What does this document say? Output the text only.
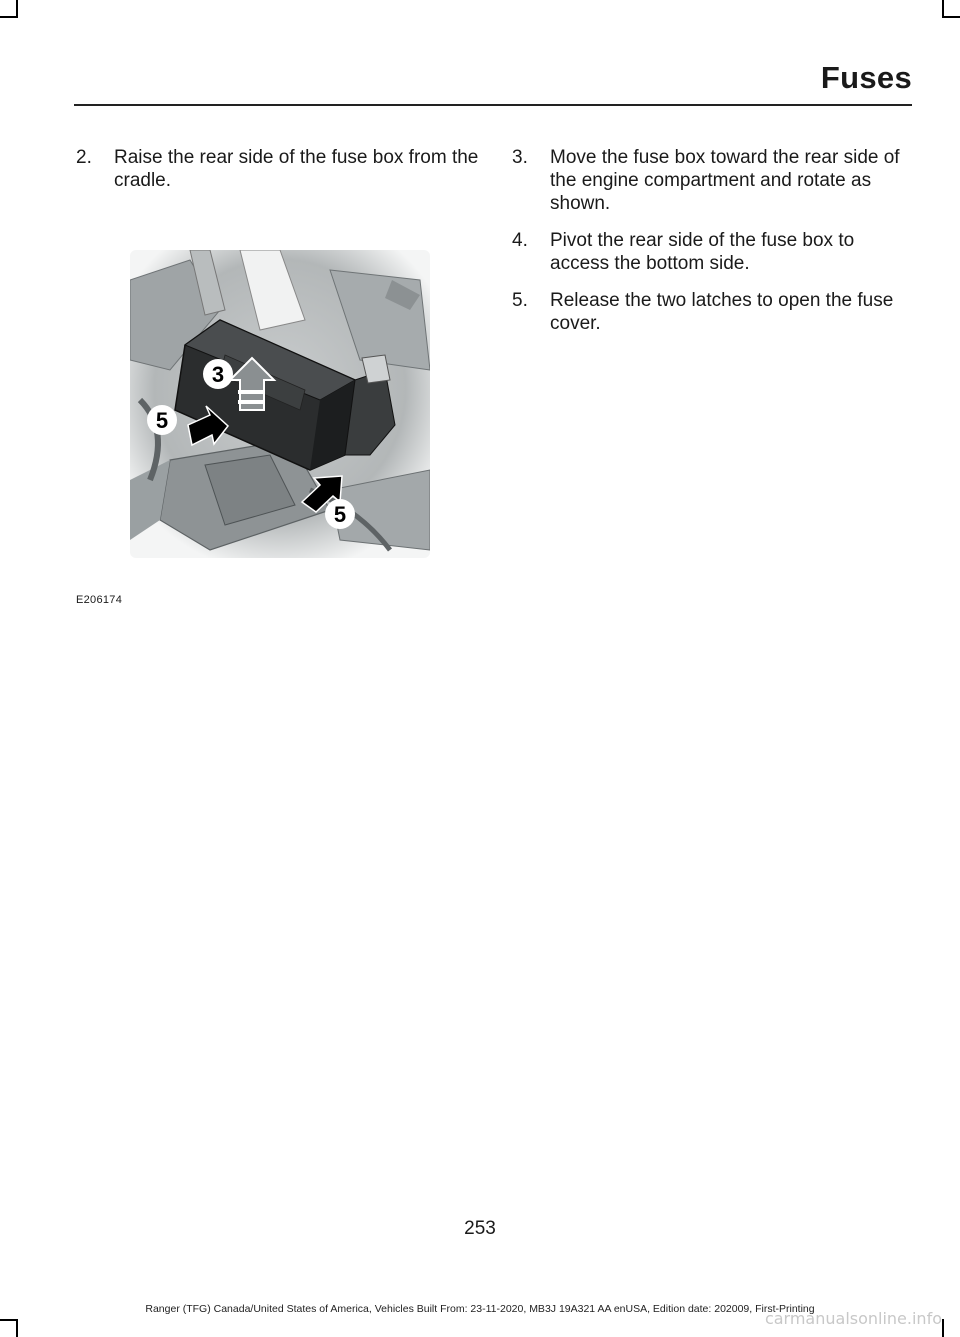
Fuses
2.	Raise the rear side of the fuse box from the cradle.
3
5
5
E206174
3.	Move the fuse box toward the rear side of the engine compartment and rotate as shown.
4.	Pivot the rear side of the fuse box to access the bottom side.
5.	Release the two latches to open the fuse cover.
253
Ranger (TFG) Canada/United States of America, Vehicles Built From: 23-11-2020, MB3J 19A321 AA enUSA, Edition date: 202009, First-Printing
carmanualsonline.info
